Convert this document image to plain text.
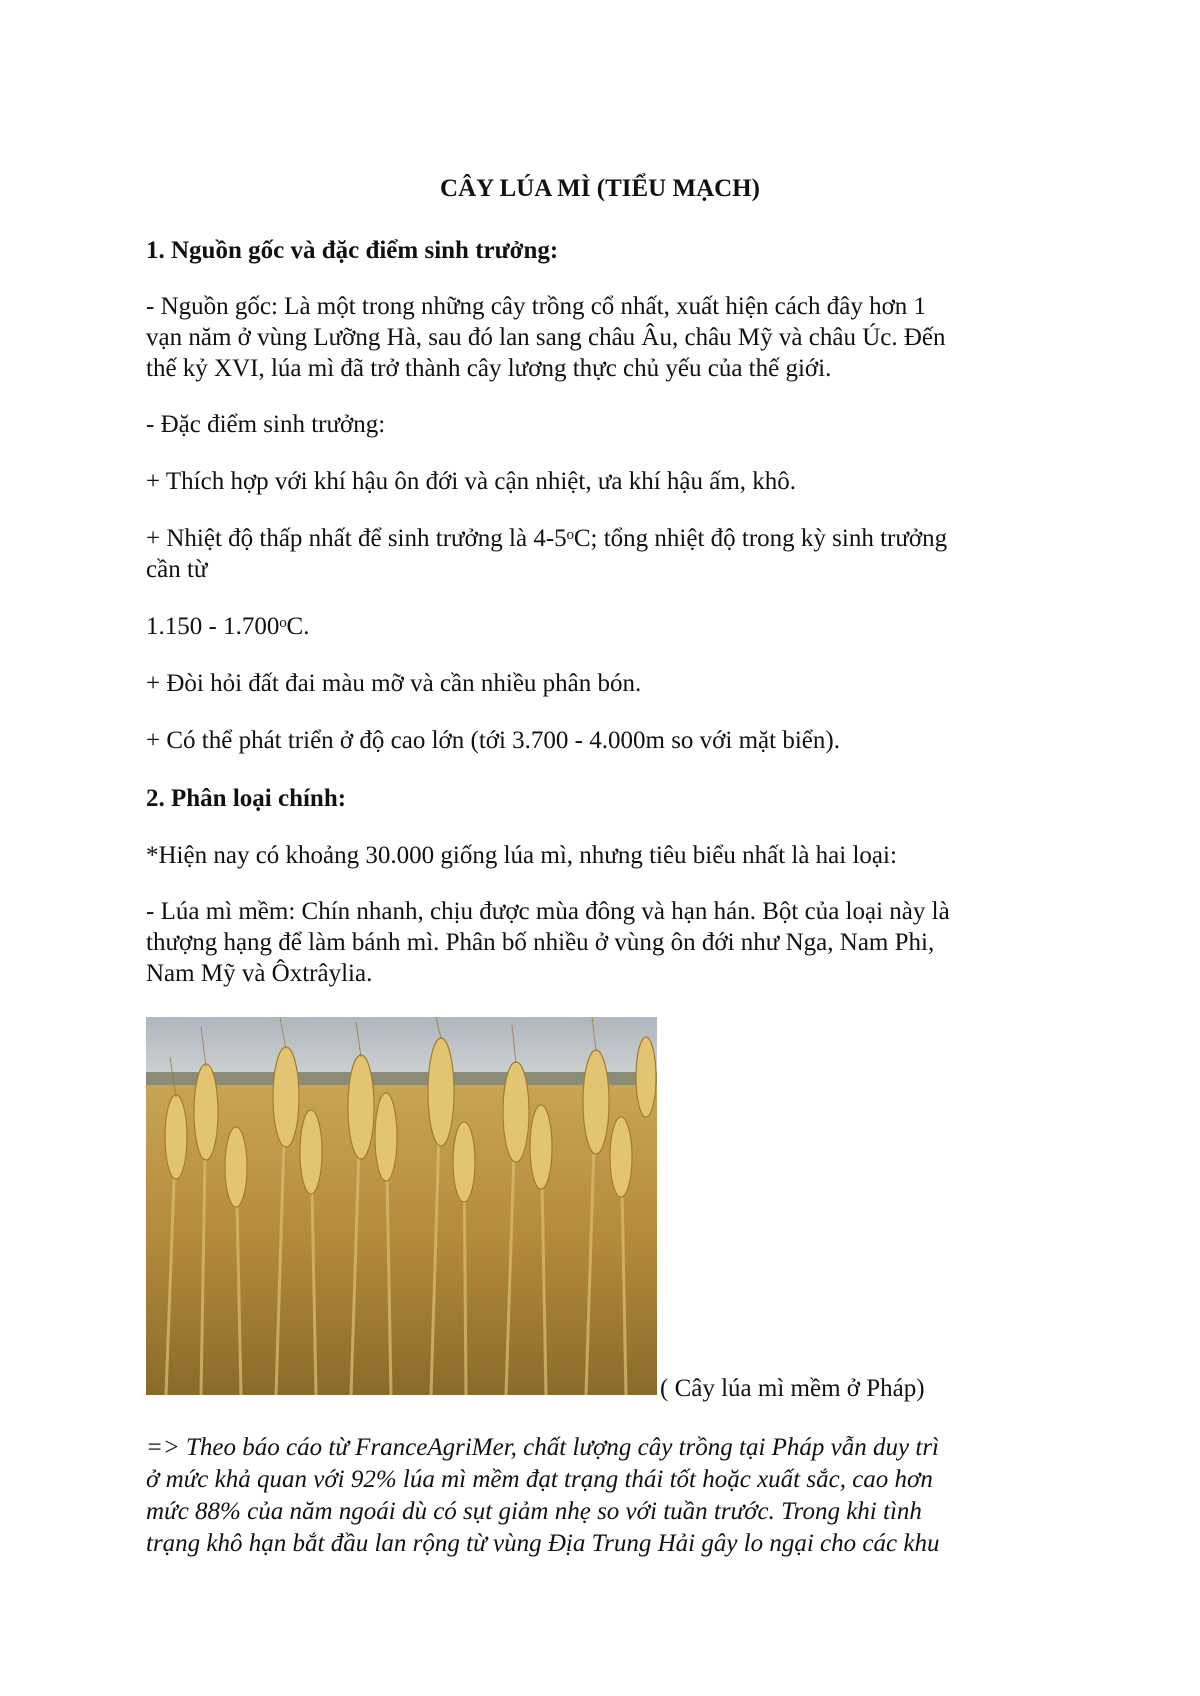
CÂY LÚA MÌ (TIỂU MẠCH)

1. Nguồn gốc và đặc điểm sinh trưởng:

- Nguồn gốc: Là một trong những cây trồng cổ nhất, xuất hiện cách đây hơn 1

vạn năm ở vùng Lưỡng Hà, sau đó lan sang châu Âu, châu Mỹ và châu Úc. Đến

thế kỷ XVI, lúa mì đã trở thành cây lương thực chủ yếu của thế giới.

- Đặc điểm sinh trưởng:

+ Thích hợp với khí hậu ôn đới và cận nhiệt, ưa khí hậu ấm, khô.

+ Nhiệt độ thấp nhất để sinh trưởng là 4-5ᵒC; tổng nhiệt độ trong kỳ sinh trưởng

cần từ

1.150 - 1.700ᵒC.

+ Đòi hỏi đất đai màu mỡ và cần nhiều phân bón.

+ Có thể phát triển ở độ cao lớn (tới 3.700 - 4.000m so với mặt biển).

2. Phân loại chính:

*Hiện nay có khoảng 30.000 giống lúa mì, nhưng tiêu biểu nhất là hai loại:

- Lúa mì mềm: Chín nhanh, chịu được mùa đông và hạn hán. Bột của loại này là

thượng hạng để làm bánh mì. Phân bố nhiều ở vùng ôn đới như Nga, Nam Phi,

Nam Mỹ và Ôxtrâylia.

( Cây lúa mì mềm ở Pháp)

=> Theo báo cáo từ FranceAgriMer, chất lượng cây trồng tại Pháp vẫn duy trì

ở mức khả quan với 92% lúa mì mềm đạt trạng thái tốt hoặc xuất sắc, cao hơn

mức 88% của năm ngoái dù có sụt giảm nhẹ so với tuần trước. Trong khi tình

trạng khô hạn bắt đầu lan rộng từ vùng Địa Trung Hải gây lo ngại cho các khu
